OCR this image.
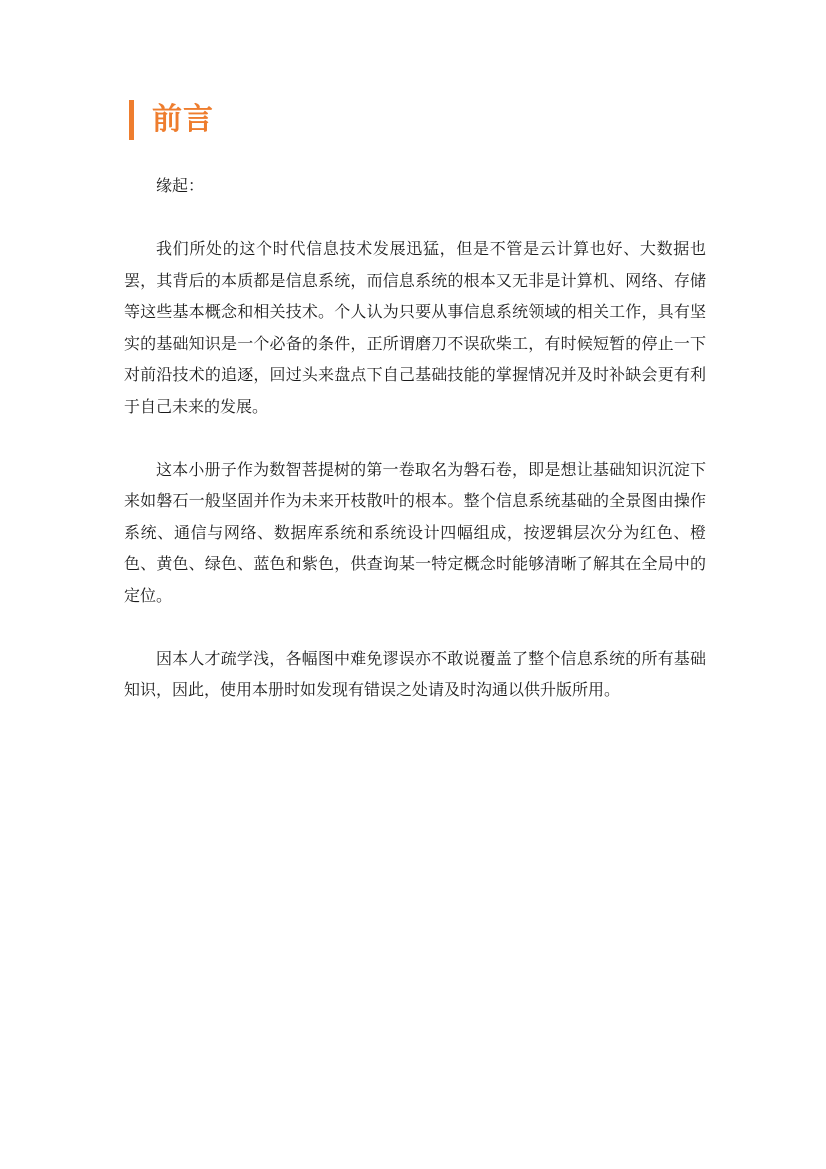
前言

缘起：

我们所处的这个时代信息技术发展迅猛，但是不管是云计算也好、大数据也罢，其背后的本质都是信息系统，而信息系统的根本又无非是计算机、网络、存储等这些基本概念和相关技术。个人认为只要从事信息系统领域的相关工作，具有坚实的基础知识是一个必备的条件，正所谓磨刀不误砍柴工，有时候短暂的停止一下对前沿技术的追逐，回过头来盘点下自己基础技能的掌握情况并及时补缺会更有利于自己未来的发展。

这本小册子作为数智菩提树的第一卷取名为磐石卷，即是想让基础知识沉淀下来如磐石一般坚固并作为未来开枝散叶的根本。整个信息系统基础的全景图由操作系统、通信与网络、数据库系统和系统设计四幅组成，按逻辑层次分为红色、橙色、黄色、绿色、蓝色和紫色，供查询某一特定概念时能够清晰了解其在全局中的定位。

因本人才疏学浅，各幅图中难免谬误亦不敢说覆盖了整个信息系统的所有基础知识，因此，使用本册时如发现有错误之处请及时沟通以供升版所用。
